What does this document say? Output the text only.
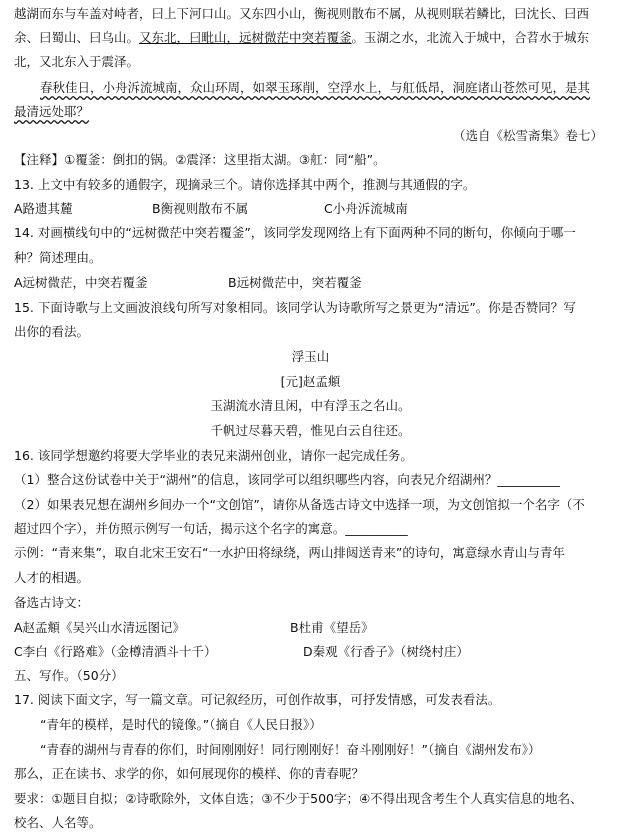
越湖而东与车盖对峙者，曰上下河口山。又东四小山，衡视则散布不属，从视则联若鳞比，曰沈长、曰西
余、曰蜀山、曰乌山。又东北，曰毗山，远树微茫中突若覆釜。玉湖之水，北流入于城中，合苕水于城东
北，又北东入于震泽。
春秋佳日，小舟泝流城南，众山环周，如翠玉琢削，空浮水上，与舡低昂，洞庭诸山苍然可见，是其
最清远处耶？
（选自《松雪斋集》卷七）
【注释】①覆釜：倒扣的锅。②震泽：这里指太湖。③舡：同“船”。
13. 上文中有较多的通假字，现摘录三个。请你选择其中两个，推测与其通假的字。
A路遗其麓	B衡视则散布不属	C小舟泝流城南
14. 对画横线句中的“远树微茫中突若覆釜”，该同学发现网络上有下面两种不同的断句，你倾向于哪一
种？简述理由。
A远树微茫，中突若覆釜	B远树微茫中，突若覆釜
15. 下面诗歌与上文画波浪线句所写对象相同。该同学认为诗歌所写之景更为“清远”。你是否赞同？写
出你的看法。
浮玉山
[元]赵孟頫
玉湖流水清且闲，中有浮玉之名山。
千帆过尽暮天碧，惟见白云自往还。
16. 该同学想邀约将要大学毕业的表兄来湖州创业，请你一起完成任务。
（1）整合这份试卷中关于“湖州”的信息，该同学可以组织哪些内容，向表兄介绍湖州？__________
（2）如果表兄想在湖州乡间办一个“文创馆”，请你从备选古诗文中选择一项，为文创馆拟一个名字（不
超过四个字），并仿照示例写一句话，揭示这个名字的寓意。__________
示例：“青来集”，取自北宋王安石“一水护田将绿绕，两山排闼送青来”的诗句，寓意绿水青山与青年
人才的相遇。
备选古诗文：
A赵孟頫《吴兴山水清远图记》	B杜甫《望岳》
C李白《行路难》（金樽清酒斗十千）	D秦观《行香子》（树绕村庄）
五、写作。（50分）
17. 阅读下面文字，写一篇文章。可记叙经历，可创作故事，可抒发情感，可发表看法。
“青年的模样，是时代的镜像。”（摘自《人民日报》）
“青春的湖州与青春的你们，时间刚刚好！同行刚刚好！奋斗刚刚好！”（摘自《湖州发布》）
那么，正在读书、求学的你，如何展现你的模样、你的青春呢？
要求：①题目自拟；②诗歌除外，文体自选；③不少于500字；④不得出现含考生个人真实信息的地名、
校名、人名等。
